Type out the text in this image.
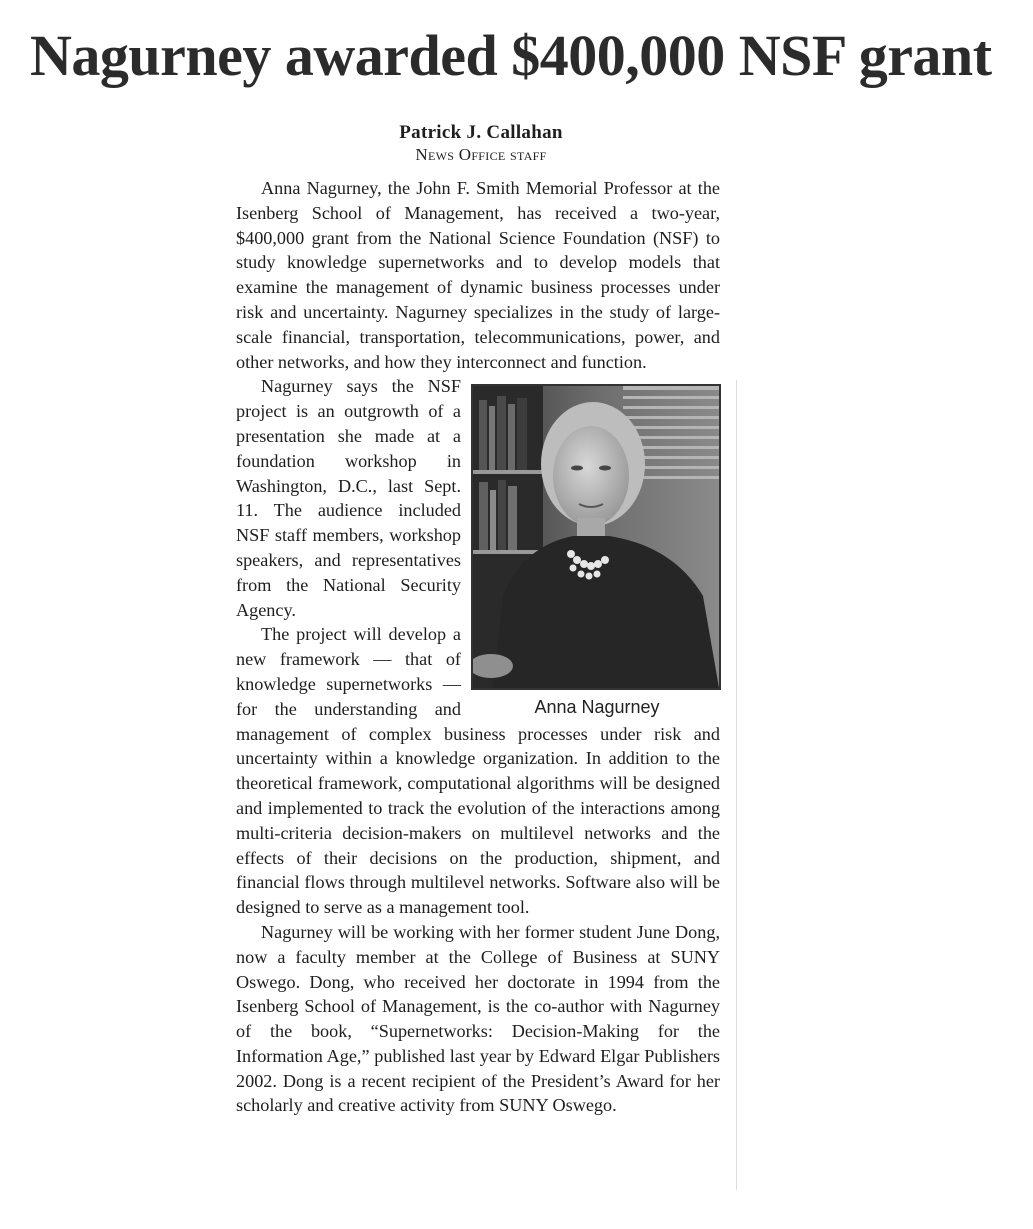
Nagurney awarded $400,000 NSF grant
Patrick J. Callahan
News Office staff

Anna Nagurney, the John F. Smith Memorial Professor at the Isenberg School of Management, has received a two-year, $400,000 grant from the National Science Foundation (NSF) to study knowledge supernetworks and to develop models that examine the management of dynamic business processes under risk and uncertainty. Nagurney specializes in the study of large-scale financial, transportation, telecommunications, power, and other networks, and how they interconnect and function.

Anna Nagurney

Nagurney says the NSF project is an outgrowth of a presentation she made at a foundation workshop in Washington, D.C., last Sept. 11. The audience included NSF staff members, workshop speakers, and representatives from the National Security Agency.

The project will develop a new framework — that of knowledge supernetworks — for the understanding and management of complex business processes under risk and uncertainty within a knowledge organization. In addition to the theoretical framework, computational algorithms will be designed and implemented to track the evolution of the interactions among multi-criteria decision-makers on multilevel networks and the effects of their decisions on the production, shipment, and financial flows through multilevel networks. Software also will be designed to serve as a management tool.

Nagurney will be working with her former student June Dong, now a faculty member at the College of Business at SUNY Oswego. Dong, who received her doctorate in 1994 from the Isenberg School of Management, is the co-author with Nagurney of the book, “Supernetworks: Decision-Making for the Information Age,” published last year by Edward Elgar Publishers 2002. Dong is a recent recipient of the President’s Award for her scholarly and creative activity from SUNY Oswego.
